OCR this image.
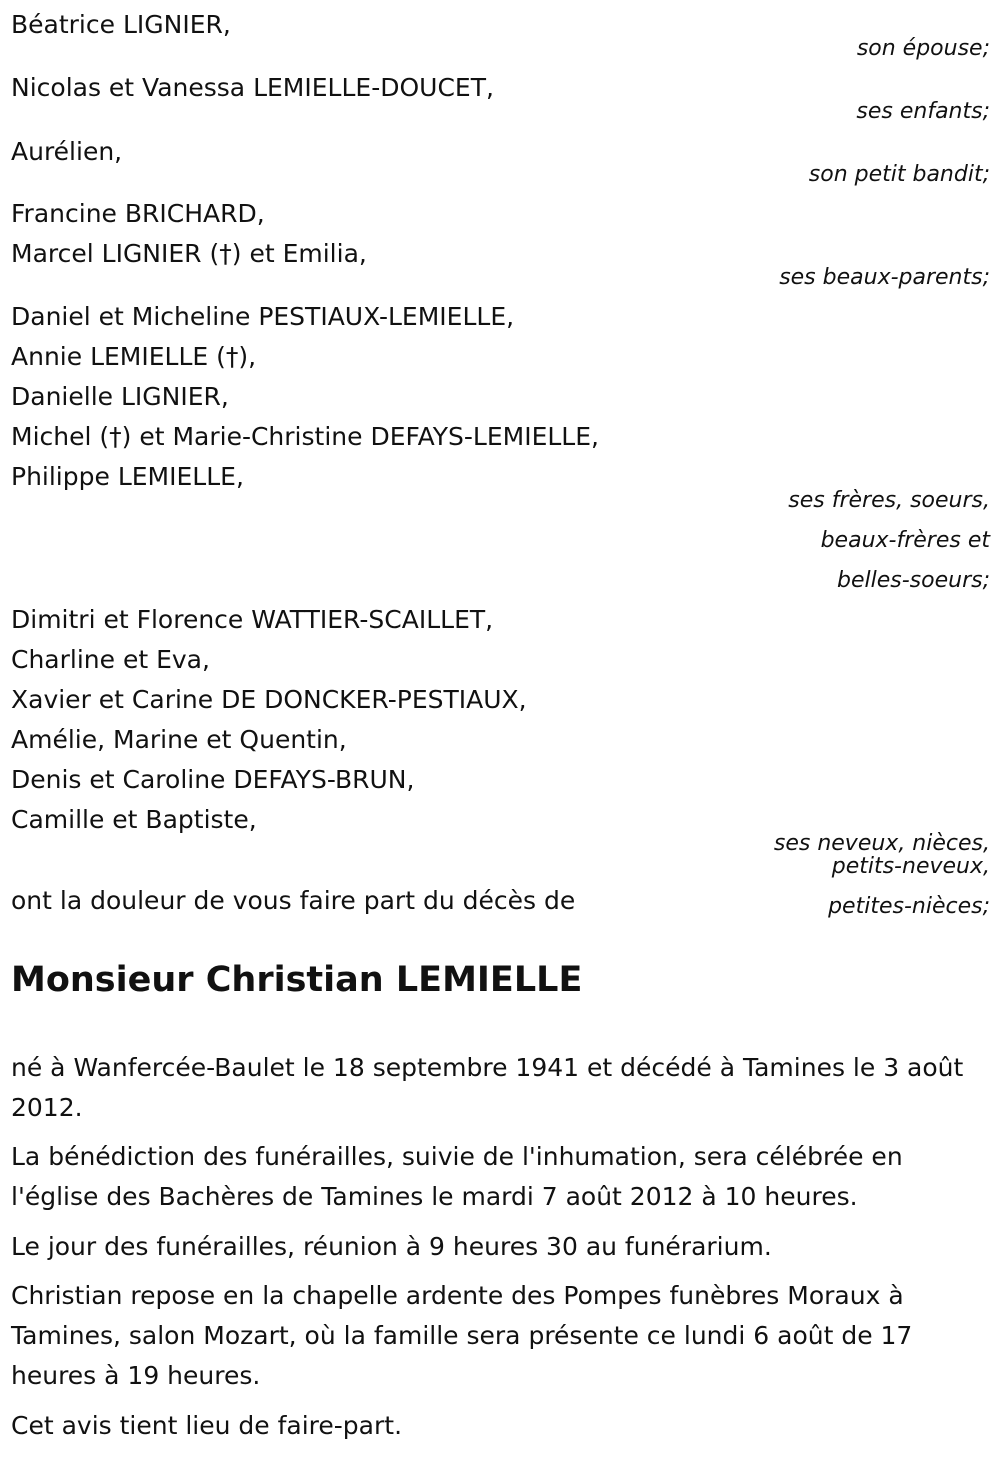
Béatrice LIGNIER,
son épouse;
Nicolas et Vanessa LEMIELLE-DOUCET,
ses enfants;
Aurélien,
son petit bandit;
Francine BRICHARD,
Marcel LIGNIER (†) et Emilia,
ses beaux-parents;
Daniel et Micheline PESTIAUX-LEMIELLE,
Annie LEMIELLE (†),
Danielle LIGNIER,
Michel (†) et Marie-Christine DEFAYS-LEMIELLE,
Philippe LEMIELLE,
ses frères, soeurs,
beaux-frères et
belles-soeurs;
Dimitri et Florence WATTIER-SCAILLET,
Charline et Eva,
Xavier et Carine DE DONCKER-PESTIAUX,
Amélie, Marine et Quentin,
Denis et Caroline DEFAYS-BRUN,
Camille et Baptiste,
ses neveux, nièces,
petits-neveux,
ont la douleur de vous faire part du décès de	petites-nièces;
Monsieur Christian LEMIELLE
né à Wanfercée-Baulet le 18 septembre 1941 et décédé à Tamines le 3 août 2012.
La bénédiction des funérailles, suivie de l'inhumation, sera célébrée en l'église des Bachères de Tamines le mardi 7 août 2012 à 10 heures.
Le jour des funérailles, réunion à 9 heures 30 au funérarium.
Christian repose en la chapelle ardente des Pompes funèbres Moraux à Tamines, salon Mozart, où la famille sera présente ce lundi 6 août de 17 heures à 19 heures.
Cet avis tient lieu de faire-part.
